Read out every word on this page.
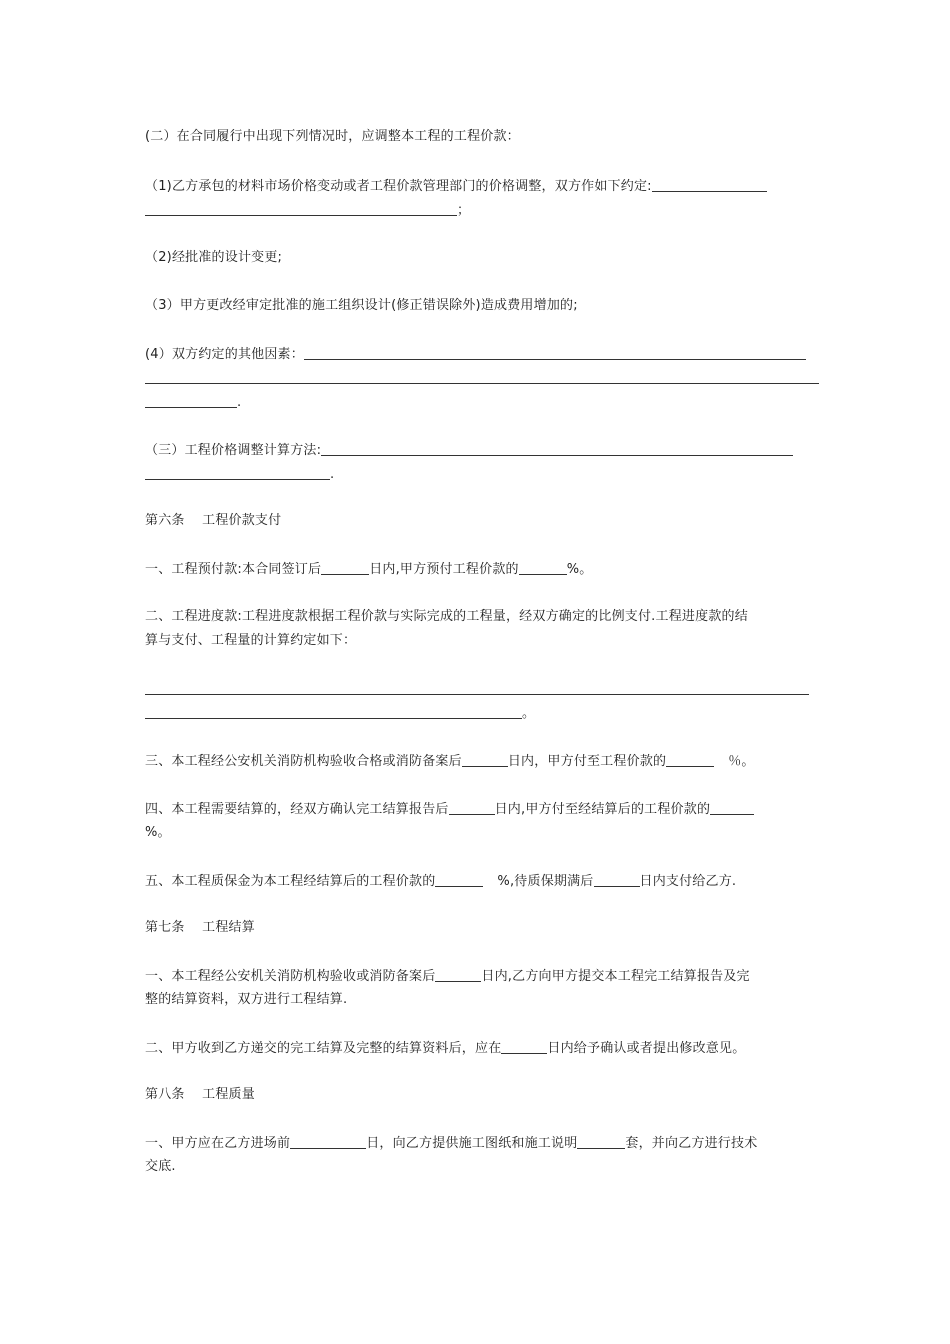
(二）在合同履行中出现下列情况时，应调整本工程的工程价款：
（1)乙方承包的材料市场价格变动或者工程价款管理部门的价格调整，双方作如下约定:
；
（2)经批准的设计变更;
（3）甲方更改经审定批准的施工组织设计(修正错误除外)造成费用增加的;
(4）双方约定的其他因素：
.
（三）工程价格调整计算方法:
.
第六条　 工程价款支付
一、工程预付款:本合同签订后	日内,甲方预付工程价款的	%。
二、工程进度款:工程进度款根据工程价款与实际完成的工程量，经双方确定的比例支付.工程进度款的结
算与支付、工程量的计算约定如下：
。
三、本工程经公安机关消防机构验收合格或消防备案后	日内，甲方付至工程价款的	％。
四、本工程需要结算的，经双方确认完工结算报告后	日内,甲方付至经结算后的工程价款的
%。
五、本工程质保金为本工程经结算后的工程价款的	%,待质保期满后	日内支付给乙方.
第七条　 工程结算
一、本工程经公安机关消防机构验收或消防备案后	日内,乙方向甲方提交本工程完工结算报告及完
整的结算资料，双方进行工程结算.
二、甲方收到乙方递交的完工结算及完整的结算资料后，应在	日内给予确认或者提出修改意见。
第八条　 工程质量
一、甲方应在乙方进场前	日，向乙方提供施工图纸和施工说明	套，并向乙方进行技术
交底.
